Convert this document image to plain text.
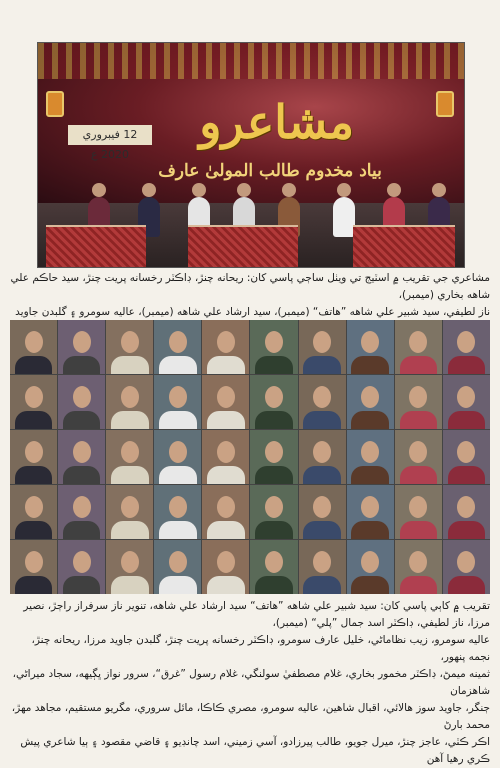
مشاعرو
12 فيبروري 2020 ع
بیاد مخدوم طالب المولیٰ عارف
مشاعري جي تقريب ۾ اسٽيج تي ويٺل ساڄي پاسي کان: ريحانه چنڙ، ڊاڪٽر رخسانه پريت چنڙ، سيد حاڪم علي شاهه بخاري (ميمبر)،
ناز لطيفي، سيد شبير علي شاهه ”هاتف“ (ميمبر)، سيد ارشاد علي شاهه (ميمبر)، عاليه سومرو ۽ گلبدن جاويد
تقريب ۾ کاٻي پاسي کان: سيد شبير علي شاهه ”هاتف“ سيد ارشاد علي شاهه، تنوير ناز سرفراز راڄڙ، نصير مرزا، ناز لطيفي، ڊاڪٽر اسد جمال ”پلي“ (ميمبر)،
عاليه سومرو، زيب نظاماڻي، خليل عارف سومرو، ڊاڪٽر رخسانه پريت چنڙ، گلبدن جاويد مرزا، ريحانه چنڙ، نجمه پنهور،
ثمينه ميمڻ، ڊاڪٽر مخمور بخاري، غلام مصطفيٰ سولنگي، غلام رسول ”غرق“، سرور نواز ڀڳيهه، سجاد ميراڻي، شاهزمان
ڄنگر، جاويد سوز هالائي، اقبال شاهين، عاليه سومرو، مصري ڪاڪا، مائل سروري، مگريو مستقيم، مجاهد مهڙ، محمد بارڻ
اڪر ڪٽي، عاجز چنڙ، ميرل جويو، طالب پيرزادو، آسي زميني، اسد چانڊيو ۽ قاضي مقصود ۽ ٻيا شاعري پيش ڪري رهيا آهن
